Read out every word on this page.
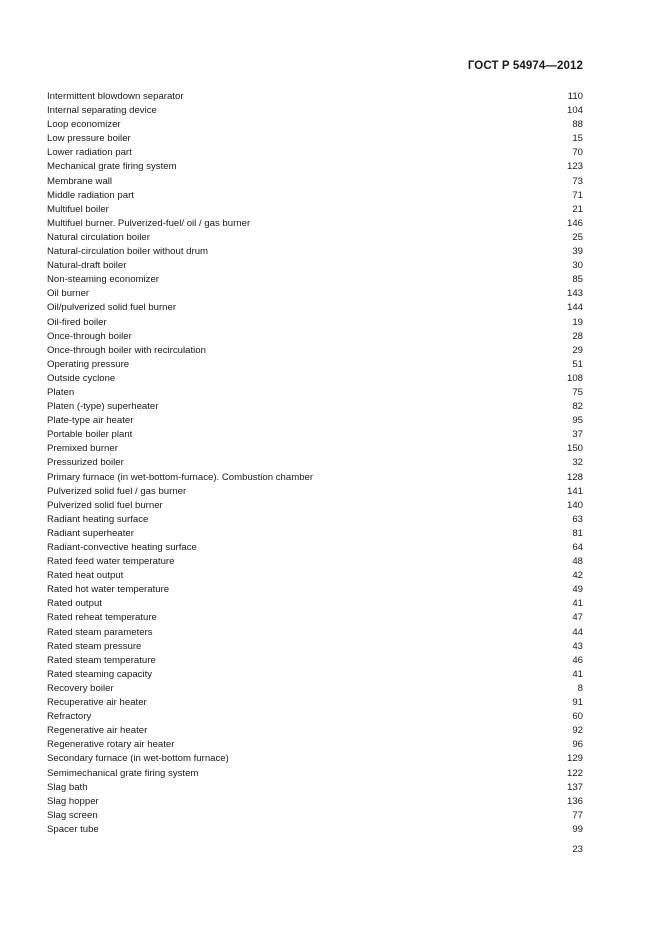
ГОСТ Р 54974—2012
Intermittent blowdown separator	110
Internal separating device	104
Loop economizer	88
Low pressure boiler	15
Lower radiation part	70
Mechanical grate firing system	123
Membrane wall	73
Middle radiation part	71
Multifuel boiler	21
Multifuel burner. Pulverized-fuel/ oil / gas burner	146
Natural circulation boiler	25
Natural-circulation boiler without drum	39
Natural-draft boiler	30
Non-steaming economizer	85
Oil burner	143
Oil/pulverized solid fuel burner	144
Oil-fired boiler	19
Once-through boiler	28
Once-through boiler with recirculation	29
Operating pressure	51
Outside cyclone	108
Platen	75
Platen (-type) superheater	82
Plate-type air heater	95
Portable boiler plant	37
Premixed burner	150
Pressurized boiler	32
Primary furnace (in wet-bottom-furnace). Combustion chamber	128
Pulverized solid fuel / gas burner	141
Pulverized solid fuel burner	140
Radiant heating surface	63
Radiant superheater	81
Radiant-convective heating surface	64
Rated feed water temperature	48
Rated heat output	42
Rated hot water temperature	49
Rated output	41
Rated reheat temperature	47
Rated steam parameters	44
Rated steam pressure	43
Rated steam temperature	46
Rated steaming capacity	41
Recovery boiler	8
Recuperative air heater	91
Refractory	60
Regenerative air heater	92
Regenerative rotary air heater	96
Secondary furnace (in wet-bottom furnace)	129
Semimechanical grate firing system	122
Slag bath	137
Slag hopper	136
Slag screen	77
Spacer tube	99
23
